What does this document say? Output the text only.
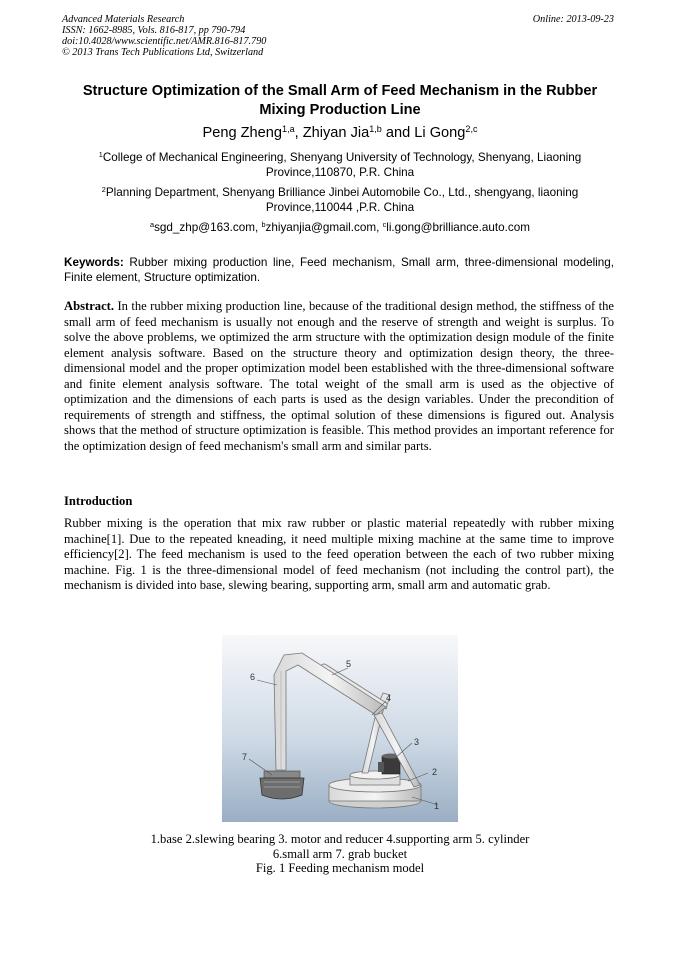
Advanced Materials Research
ISSN: 1662-8985, Vols. 816-817, pp 790-794
doi:10.4028/www.scientific.net/AMR.816-817.790
© 2013 Trans Tech Publications Ltd, Switzerland
Online: 2013-09-23
Structure Optimization of the Small Arm of Feed Mechanism in the Rubber Mixing Production Line
Peng Zheng$^{1,a}$, Zhiyan Jia$^{1,b}$ and Li Gong$^{2,c}$
$^1$College of Mechanical Engineering, Shenyang University of Technology, Shenyang, Liaoning Province,110870, P.R. China
$^2$Planning Department, Shenyang Brilliance Jinbei Automobile Co., Ltd., shengyang, liaoning Province,110044 ,P.R. China
$^a$sgd_zhp@163.com, $^b$zhiyanjia@gmail.com, $^c$li.gong@brilliance.auto.com
Keywords: Rubber mixing production line, Feed mechanism, Small arm, three-dimensional modeling, Finite element, Structure optimization.
Abstract. In the rubber mixing production line, because of the traditional design method, the stiffness of the small arm of feed mechanism is usually not enough and the reserve of strength and weight is surplus. To solve the above problems, we optimized the arm structure with the optimization design module of the finite element analysis software. Based on the structure theory and optimization design theory, the three-dimensional model and the proper optimization model been established with the three-dimensional software and finite element analysis software. The total weight of the small arm is used as the objective of optimization and the dimensions of each parts is used as the design variables. Under the precondition of requirements of strength and stiffness, the optimal solution of these dimensions is figured out. Analysis shows that the method of structure optimization is feasible. This method provides an important reference for the optimization design of feed mechanism's small arm and similar parts.
Introduction
Rubber mixing is the operation that mix raw rubber or plastic material repeatedly with rubber mixing machine[1]. Due to the repeated kneading, it need multiple mixing machine at the same time to improve efficiency[2]. The feed mechanism is used to the feed operation between the each of two rubber mixing machine. Fig. 1 is the three-dimensional model of feed mechanism (not including the control part), the mechanism is divided into base, slewing bearing, supporting arm, small arm and automatic grab.
1
2
3
4
5
6
7
1.base 2.slewing bearing 3. motor and reducer 4.supporting arm 5. cylinder
6.small arm 7. grab bucket
Fig. 1 Feeding mechanism model
